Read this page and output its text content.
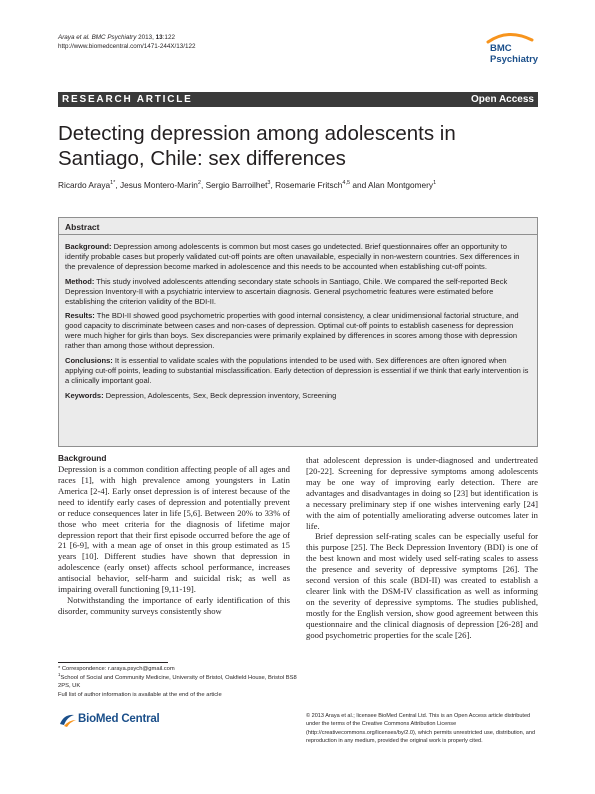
Araya et al. BMC Psychiatry 2013, 13:122
http://www.biomedcentral.com/1471-244X/13/122	BMC
Psychiatry
RESEARCH ARTICLE	Open Access
Detecting depression among adolescents in Santiago, Chile: sex differences
Ricardo Araya$^{1*}$, Jesus Montero-Marin$^2$, Sergio Barroilhet$^3$, Rosemarie Fritsch$^{4,5}$ and Alan Montgomery$^1$
Abstract

Background: Depression among adolescents is common but most cases go undetected. Brief questionnaires offer an opportunity to identify probable cases but properly validated cut-off points are often unavailable, especially in non-western countries. Sex differences in the prevalence of depression become marked in adolescence and this needs to be accounted when establishing cut-off points.

Method: This study involved adolescents attending secondary state schools in Santiago, Chile. We compared the self-reported Beck Depression Inventory-II with a psychiatric interview to ascertain diagnosis. General psychometric features were estimated before establishing the criterion validity of the BDI-II.

Results: The BDI-II showed good psychometric properties with good internal consistency, a clear unidimensional factorial structure, and good capacity to discriminate between cases and non-cases of depression. Optimal cut-off points to establish caseness for depression were much higher for girls than boys. Sex discrepancies were primarily explained by differences in scores among those with depression rather than among those without depression.

Conclusions: It is essential to validate scales with the populations intended to be used with. Sex differences are often ignored when applying cut-off points, leading to substantial misclassification. Early detection of depression is essential if we think that early intervention is a clinically important goal.

Keywords: Depression, Adolescents, Sex, Beck depression inventory, Screening

Background

Depression is a common condition affecting people of all ages and races [1], with high prevalence among youngsters in Latin America [2-4]. Early onset depression is of interest because of the need to identify early cases of depression and potentially prevent or reduce consequences later in life [5,6]. Between 20% to 33% of those who meet criteria for the diagnosis of lifetime major depression report that their first episode occurred before the age of 21 [6-9], with a mean age of onset in this group estimated as 15 years [10]. Different studies have shown that depression in adolescence (early onset) affects school performance, increases antisocial behavior, self-harm and suicidal risk; as well as impairing overall functioning [9,11-19].

Notwithstanding the importance of early identification of this disorder, community surveys consistently show

that adolescent depression is under-diagnosed and undertreated [20-22]. Screening for depressive symptoms among adolescents may be one way of improving early detection. There are advantages and disadvantages in doing so [23] but identification is a necessary preliminary step if one wishes intervening early [24] with the aim of potentially ameliorating adverse outcomes later in life.

Brief depression self-rating scales can be especially useful for this purpose [25]. The Beck Depression Inventory (BDI) is one of the best known and most widely used self-rating scales to assess the presence and severity of depressive symptoms [26]. The second version of this scale (BDI-II) was created to establish a clearer link with the DSM-IV classification as well as informing on the severity of depressive symptoms. The studies published, mostly for the English version, show good agreement between this questionnaire and the clinical diagnosis of depression [26-28] and good psychometric properties for the scale [26].

* Correspondence: r.araya.psych@gmail.com
$^1$School of Social and Community Medicine, University of Bristol, Oakfield House, Bristol BS8 2PS, UK
Full list of author information is available at the end of the article
BioMed Central	© 2013 Araya et al.; licensee BioMed Central Ltd. This is an Open Access article distributed under the terms of the Creative Commons Attribution License (http://creativecommons.org/licenses/by/2.0), which permits unrestricted use, distribution, and reproduction in any medium, provided the original work is properly cited.
